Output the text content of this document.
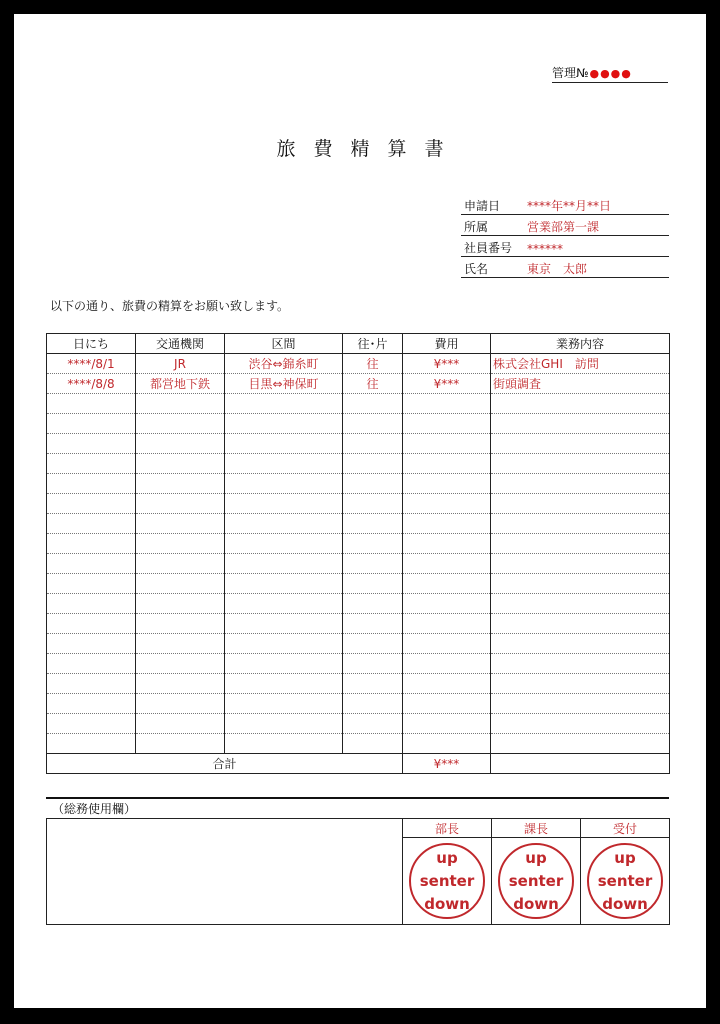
管理№●●●●
旅費精算書
申請日	****年**月**日
所属	営業部第一課
社員番号	******
氏名	東京　太郎
以下の通り、旅費の精算をお願い致します。
日にち	交通機関	区間	往･片	費用	業務内容
****/8/1	JR	渋谷⇔錦糸町	往	¥***	株式会社GHI　訪問
****/8/8	都営地下鉄	目黒⇔神保町	往	¥***	街頭調査

合計				¥***	
（総務使用欄）
	部長	課長	受付

	up
senter
down	up
senter
down	up
senter
down
